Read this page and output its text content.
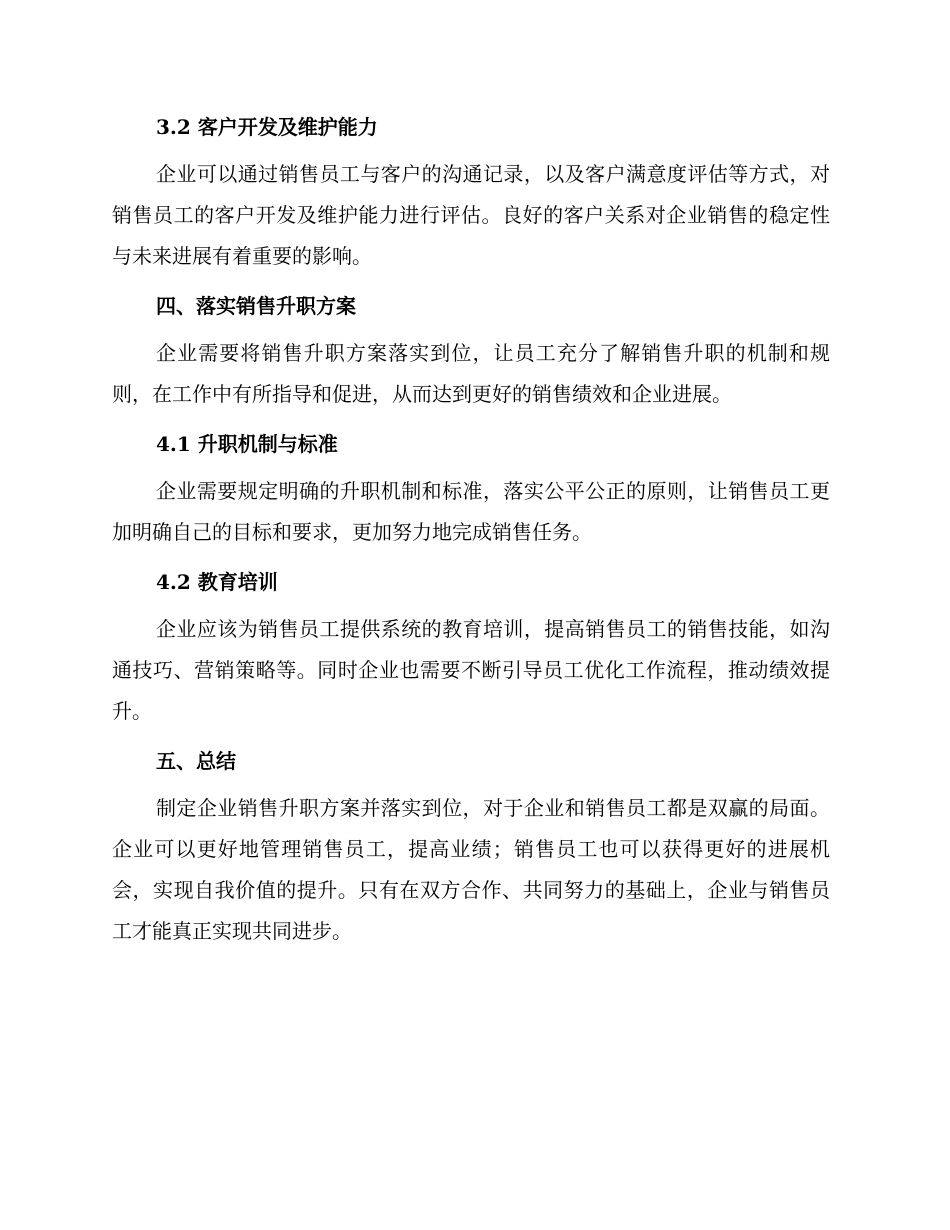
3.2 客户开发及维护能力

企业可以通过销售员工与客户的沟通记录，以及客户满意度评估等方式，对销售员工的客户开发及维护能力进行评估。良好的客户关系对企业销售的稳定性与未来进展有着重要的影响。

四、落实销售升职方案

企业需要将销售升职方案落实到位，让员工充分了解销售升职的机制和规则，在工作中有所指导和促进，从而达到更好的销售绩效和企业进展。

4.1 升职机制与标准

企业需要规定明确的升职机制和标准，落实公平公正的原则，让销售员工更加明确自己的目标和要求，更加努力地完成销售任务。

4.2 教育培训

企业应该为销售员工提供系统的教育培训，提高销售员工的销售技能，如沟通技巧、营销策略等。同时企业也需要不断引导员工优化工作流程，推动绩效提升。

五、总结

制定企业销售升职方案并落实到位，对于企业和销售员工都是双赢的局面。企业可以更好地管理销售员工，提高业绩；销售员工也可以获得更好的进展机会，实现自我价值的提升。只有在双方合作、共同努力的基础上，企业与销售员工才能真正实现共同进步。
